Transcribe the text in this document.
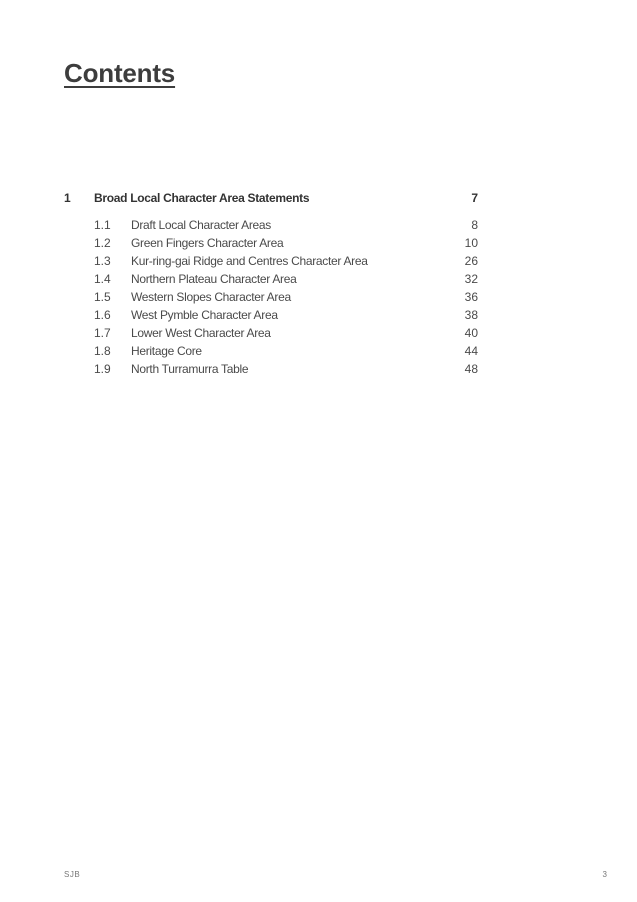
Contents
1	Broad Local Character Area Statements	7
1.1	Draft Local Character Areas	8
1.2	Green Fingers Character Area	10
1.3	Kur-ring-gai Ridge and Centres Character Area	26
1.4	Northern Plateau Character Area	32
1.5	Western Slopes Character Area	36
1.6	West Pymble Character Area	38
1.7	Lower West Character Area	40
1.8	Heritage Core	44
1.9	North Turramurra Table	48
SJB	3
